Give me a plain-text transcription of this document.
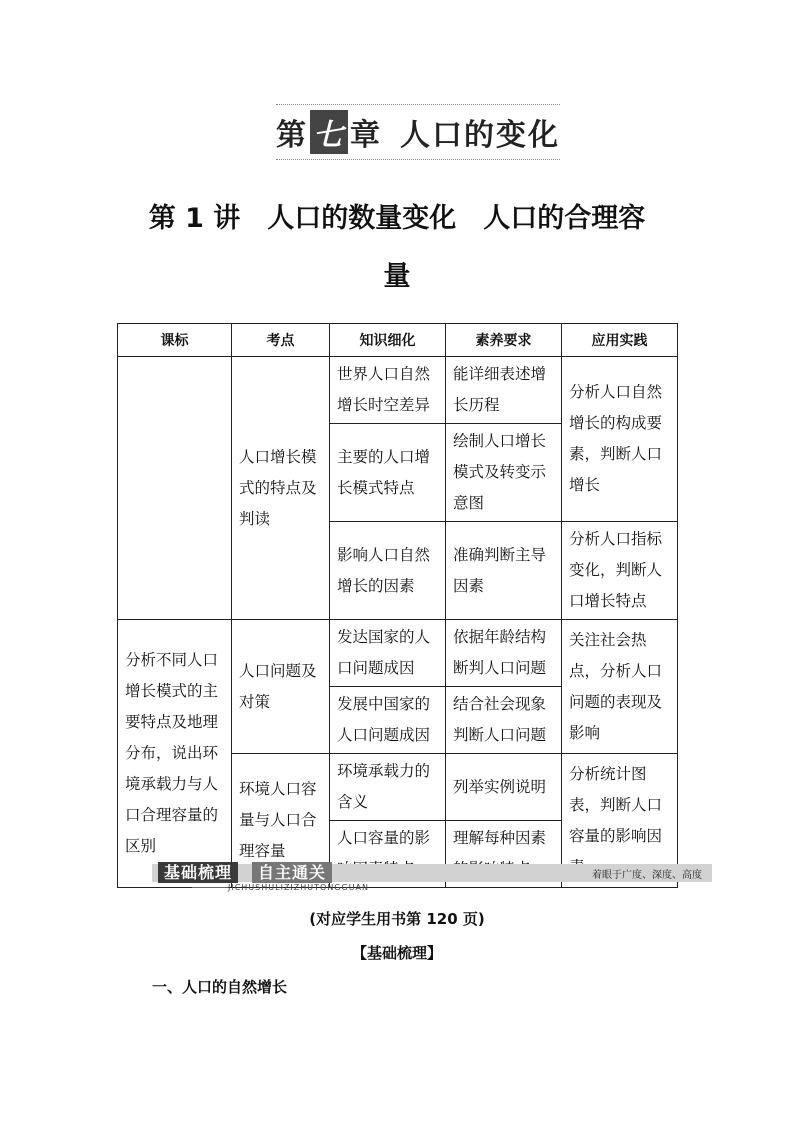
第 七 章 人口的变化
第 1 讲　人口的数量变化　人口的合理容
量
课标	考点	知识细化	素养要求	应用实践
	人口增长模式的特点及判读	世界人口自然增长时空差异	能详细表述增长历程	分析人口自然增长的构成要素，判断人口增长
		主要的人口增长模式特点	绘制人口增长模式及转变示意图	
		影响人口自然增长的因素	准确判断主导因素	分析人口指标变化，判断人口增长特点
分析不同人口增长模式的主要特点及地理分布，说出环境承载力与人口合理容量的区别	人口问题及对策	发达国家的人口问题成因	依据年龄结构断判人口问题	关注社会热点，分析人口问题的表现及影响
		发展中国家的人口问题成因	结合社会现象判断人口问题	
	环境人口容量与人口合理容量	环境承载力的含义	列举实例说明	分析统计图表，判断人口容量的影响因
		人口容量的影	理解每种因素	
基础梳理	自主通关
JICHUSHULIZIZHUTONGGUAN
着眼于广度、深度、高度
(对应学生用书第 120 页)
【基础梳理】
一、人口的自然增长
